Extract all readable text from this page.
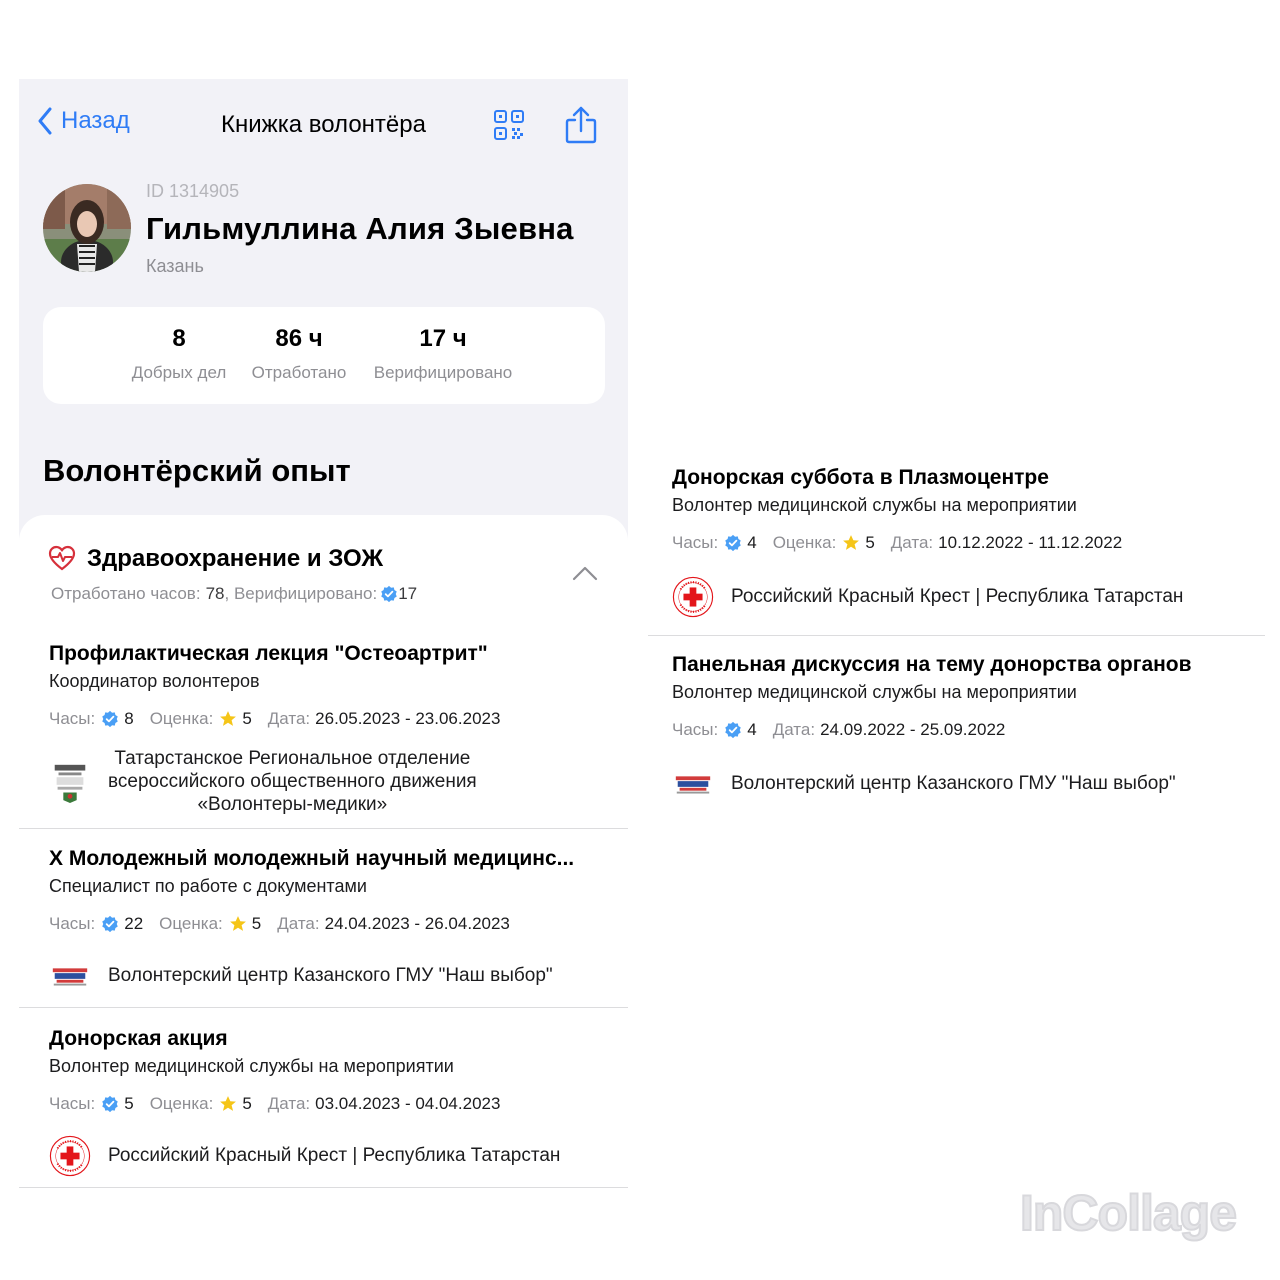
Назад	Книжка волонтёра
ID 1314905
Гильмуллина Алия Зыевна
Казань
8
Добрых дел
86 ч
Отработано
17 ч
Верифицировано
Волонтёрский опыт
Здравоохранение и ЗОЖ
Отработано часов: 78 , Верифицировано: 17
Профилактическая лекция "Остеоартрит"
Координатор волонтеров
Часы: 8 Оценка: 5 Дата: 26.05.2023 - 23.06.2023
Татарстанское Региональное отделение
всероссийского общественного движения
«Волонтеры-медики»
X Молодежный молодежный научный медицинс...
Специалист по работе с документами
Часы: 22 Оценка: 5 Дата: 24.04.2023 - 26.04.2023
Волонтерский центр Казанского ГМУ "Наш выбор"
Донорская акция
Волонтер медицинской службы на мероприятии
Часы: 5 Оценка: 5 Дата: 03.04.2023 - 04.04.2023
Российский Красный Крест | Республика Татарстан
Донорская суббота в Плазмоцентре
Волонтер медицинской службы на мероприятии
Часы: 4 Оценка: 5 Дата: 10.12.2022 - 11.12.2022
Российский Красный Крест | Республика Татарстан
Панельная дискуссия на тему донорства органов
Волонтер медицинской службы на мероприятии
Часы: 4 Дата: 24.09.2022 - 25.09.2022
Волонтерский центр Казанского ГМУ "Наш выбор"
InCollage
